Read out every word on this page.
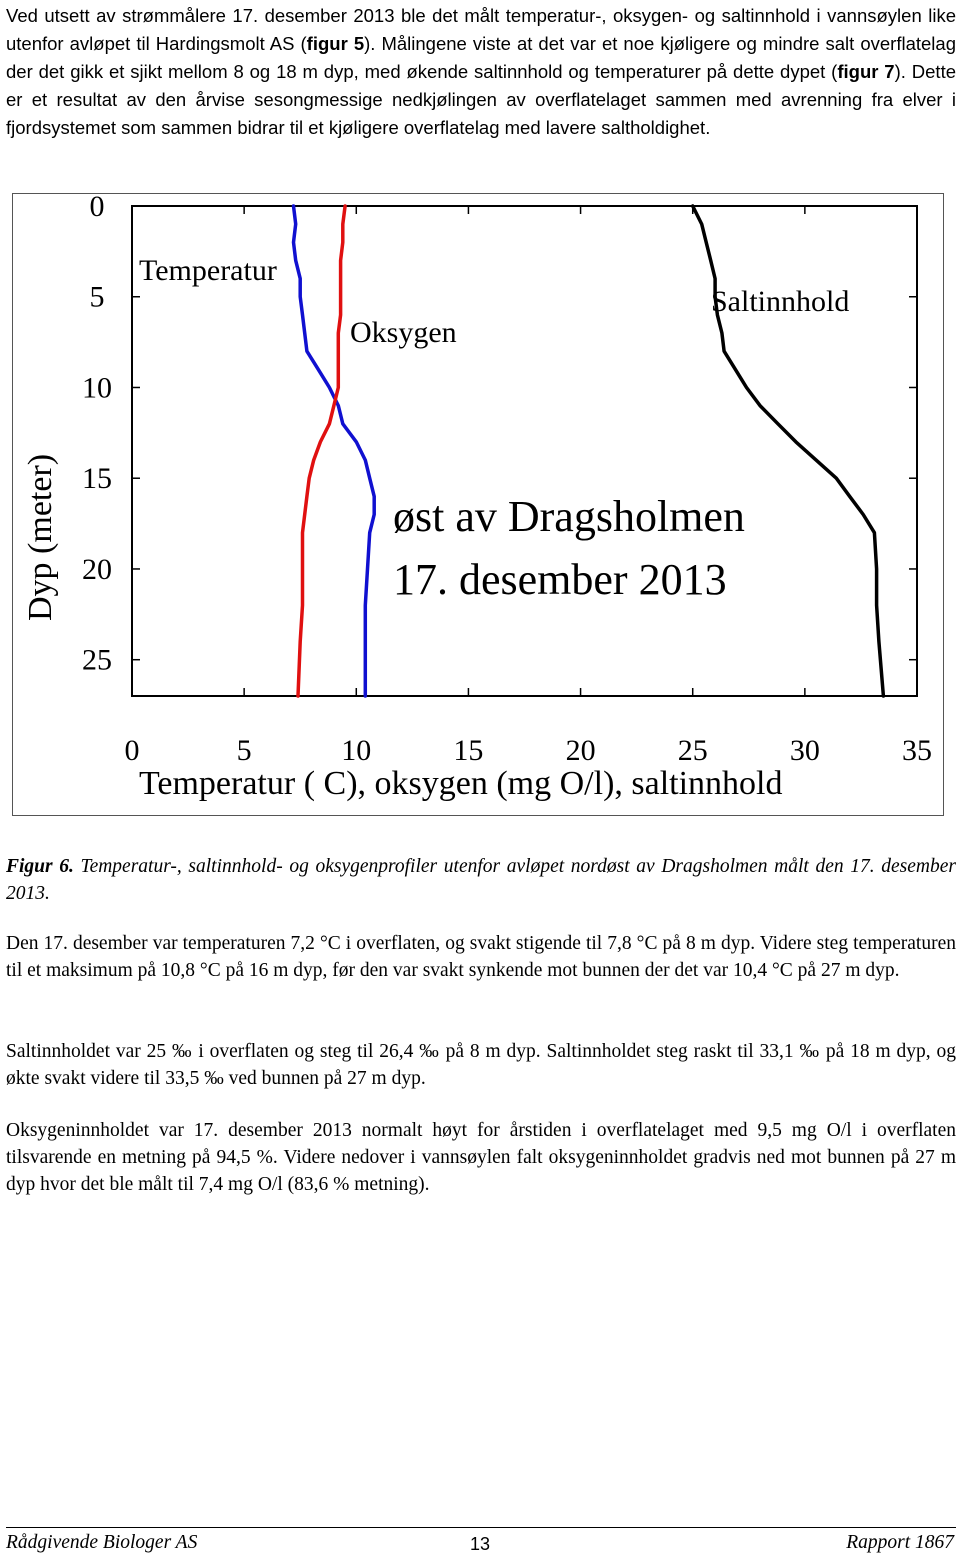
Ved utsett av strømmålere 17. desember 2013 ble det målt temperatur-, oksygen- og saltinnhold i vannsøylen like utenfor avløpet til Hardingsmolt AS (figur 5). Målingene viste at det var et noe kjøligere og mindre salt overflatelag der det gikk et sjikt mellom 8 og 18 m dyp, med økende saltinnhold og temperaturer på dette dypet (figur 7). Dette er et resultat av den årvise sesongmessige nedkjølingen av overflatelaget sammen med avrenning fra elver i fjordsystemet som sammen bidrar til et kjøligere overflatelag med lavere saltholdighet.

0	5	10	15	20	25	30	35
0
5
10
15
20
25
Temperatur
Oksygen
Saltinnhold
øst av Dragsholmen
17. desember 2013
Temperatur ( C), oksygen (mg O/l), saltinnhold
Dyp (meter)

Figur 6. Temperatur-, saltinnhold- og oksygenprofiler utenfor avløpet nordøst av Dragsholmen målt den 17. desember 2013.

Den 17. desember var temperaturen 7,2 °C i overflaten, og svakt stigende til 7,8 °C på 8 m dyp. Videre steg temperaturen til et maksimum på 10,8 °C på 16 m dyp, før den var svakt synkende mot bunnen der det var 10,4 °C på 27 m dyp.

Saltinnholdet var 25 ‰ i overflaten og steg til 26,4 ‰ på 8 m dyp. Saltinnholdet steg raskt til 33,1 ‰ på 18 m dyp, og økte svakt videre til 33,5 ‰ ved bunnen på 27 m dyp.

Oksygeninnholdet var 17. desember 2013 normalt høyt for årstiden i overflatelaget med 9,5 mg O/l i overflaten tilsvarende en metning på 94,5 %. Videre nedover i vannsøylen falt oksygeninnholdet gradvis ned mot bunnen på 27 m dyp hvor det ble målt til 7,4 mg O/l (83,6 % metning).

Rådgivende Biologer AS	13	Rapport 1867
